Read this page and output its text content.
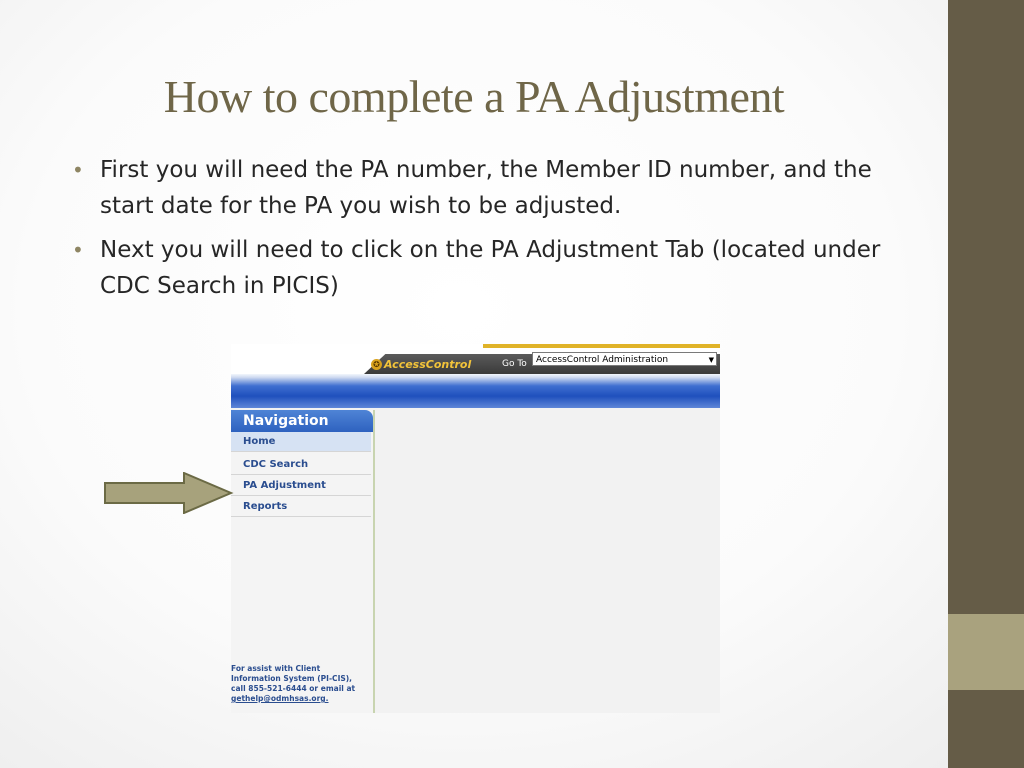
How to complete a PA Adjustment
• First you will need the PA number, the Member ID number, and the start date for the PA you wish to be adjusted.
• Next you will need to click on the PA Adjustment Tab (located under CDC Search in PICIS)
✪ AccessControl	Go To	AccessControl Administration	▼
Navigation
Home
CDC Search
PA Adjustment
Reports
For assist with Client
Information System (PI-CIS),
call 855-521-6444 or email at
gethelp@odmhsas.org.
